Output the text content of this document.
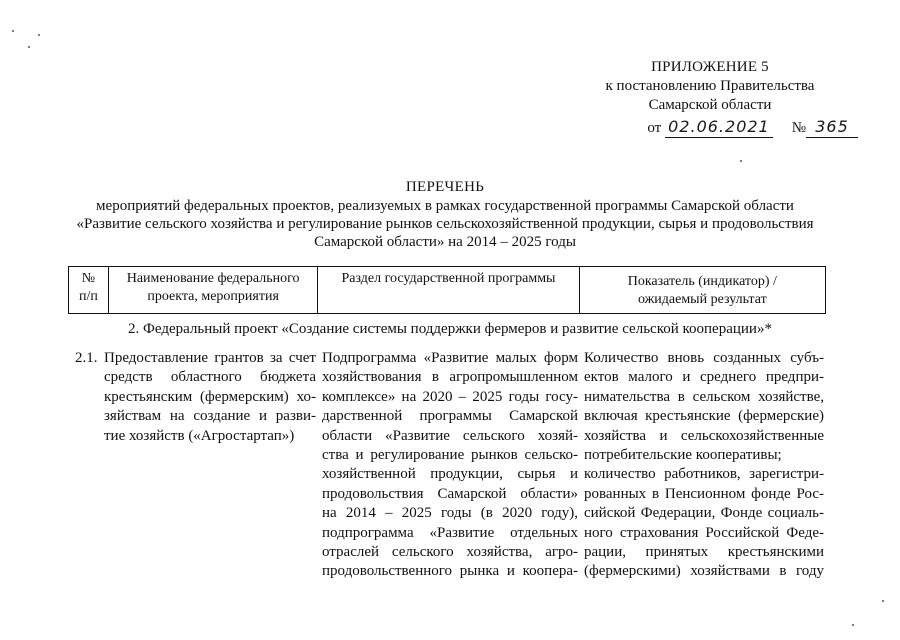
ПРИЛОЖЕНИЕ 5
к постановлению Правительства
Самарской области
от 02.06.2021 № 365
ПЕРЕЧЕНЬ
мероприятий федеральных проектов, реализуемых в рамках государственной программы Самарской области
«Развитие сельского хозяйства и регулирование рынков сельскохозяйственной продукции, сырья и продовольствия
Самарской области» на 2014 – 2025 годы
№
п/п
Наименование федерального
проекта, мероприятия
Раздел государственной программы	Показатель (индикатор) /
ожидаемый результат
2. Федеральный проект «Создание системы поддержки фермеров и развитие сельской кооперации»*
2.1. Предоставление грантов за счет
средств областного бюджета
крестьянским (фермерским) хо-
зяйствам на создание и разви-
тие хозяйств («Агростартап»)
Подпрограмма «Развитие малых форм
хозяйствования в агропромышленном
комплексе» на 2020 – 2025 годы госу-
дарственной программы Самарской
области «Развитие сельского хозяй-
ства и регулирование рынков сельско-
хозяйственной продукции, сырья и
продовольствия Самарской области»
на 2014 – 2025 годы (в 2020 году),
подпрограмма «Развитие отдельных
отраслей сельского хозяйства, агро-
продовольственного рынка и коопера-
Количество вновь созданных субъ-
ектов малого и среднего предпри-
нимательства в сельском хозяйстве,
включая крестьянские (фермерские)
хозяйства и сельскохозяйственные
потребительские кооперативы;
количество работников, зарегистри-
рованных в Пенсионном фонде Рос-
сийской Федерации, Фонде социаль-
ного страхования Российской Феде-
рации, принятых крестьянскими
(фермерскими) хозяйствами в году
